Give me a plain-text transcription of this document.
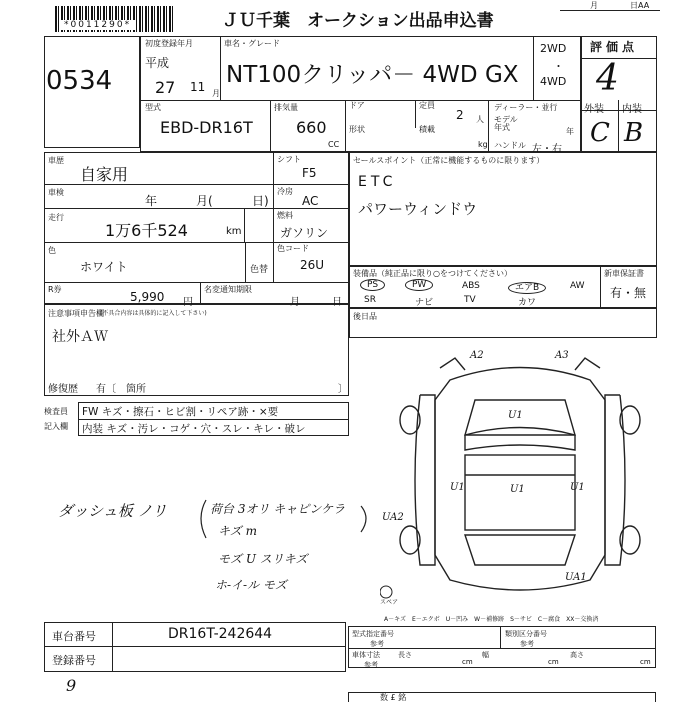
*0011290*	ＪＵ千葉　オークション出品申込書
月	日AA
0534
初度登録年月
平成
27 11 月
車名・グレード
NT100クリッパ－ 4WD GX
2WD
・
4WD
型式
EBD-DR16T
排気量
660
CC
ドア
形状
定員
2 人
積載
kg
ディーラー・並行
モデル年式	年
ハンドル 左・右
評価点
4
外装 内装
C B
車歴
自家用
車検
年	月(	日)
走行
1万6千524	km
色
ホワイト	色替
シフト
F5
冷房
AC
燃料
ガソリン
色コード
26U
R券
5,990 円
名変通知期限
月	日
セールスポイント（正常に機能するものに限ります）
ETC
パワーウィンドウ
装備品（純正品に限り○をつけてください）	新車保証書
有・無
PS	PW	ABS	エアB	AW
SR	ナビ	TV	カワ
後日品
注意事項申告欄
(不具合内容は具体的に記入して下さい)
社外ＡＷ
修復歴 有〔 箇所	〕
検査員
記入欄
FW キズ・擦石・ヒビ割・リペア跡・×要
内装 キズ・汚レ・コゲ・穴・スレ・キレ・破レ
ダッシュ板 ノリ	荷台 3オリ キャピンケラ
キズ m
モズ U スリキズ
ホ-イ-ル モズ
A2	A3
U1
U1	U1	U1
UA2
UA1
スペア
A－キズ　E－エクボ　U－凹み　W－補修跡　S－サビ　C－腐食　XX－交換済
車台番号	DR16T-242644
登録番号
型式指定番号
参考
類別区分番号
参考
車体寸法
参考
長さ
cm
幅
cm
高さ
cm
9
数 £ 銘
